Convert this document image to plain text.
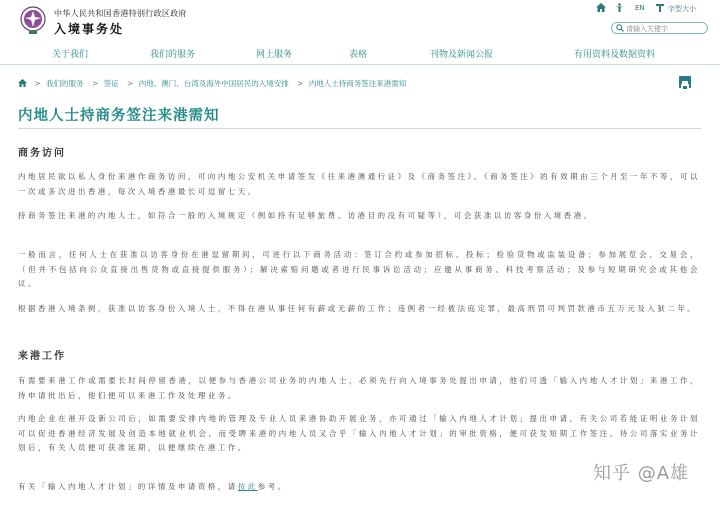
中华人民共和国香港特别行政区政府
入境事务处
EN	字型大小
请输入关键字
关于我们	我们的服务	网上服务	表格	刊物及新闻公报	有用资料及数据资料
> 我们的服务 > 签证 > 内地、澳门、台湾及海外中国居民的入境安排 > 内地人士持商务签注来港需知
内地人士持商务签注来港需知
商务访问

内地居民欲以私人身份来港作商务访问，可向内地公安机关申请签发《往来港澳通行证》及《商务签注》。《商务签注》的有效期由三个月至一年不等，可以一次或多次进出香港，每次入境香港最长可逗留七天。

持商务签注来港的内地人士，如符合一般的入境规定（例如持有足够旅费、访港目的没有可疑等），可会获准以访客身份入境香港。

一般而言，任何人士在获准以访客身份在港逗留期间，可进行以下商务活动：签订合约或参加招标、投标；检验货物或监装设备；参加展览会、交易会，（但并不包括向公众直接出售货物或直接提供服务）；解决索赔问题或者进行民事诉讼活动；应邀从事商务、科技考察活动；及参与短期研究会或其他会议。

根据香港入境条例，获准以访客身份入境人士，不得在港从事任何有薪或无薪的工作；违例者一经被法庭定罪，最高刑罚可判罚款港币五万元及入狱二年。

来港工作

有需要来港工作或需要长时间停留香港，以便参与香港公司业务的内地人士，必须先行向入境事务处提出申请，他们可透「输入内地人才计划」来港工作，待申请批出后，他们便可以来港工作及处理业务。

内地企业在港开设新公司后，如需要安排内地的管理及专业人员来港协助开展业务，亦可通过「输入内地人才计划」提出申请，有关公司若能证明业务计划可以促进香港经济发展及创造本地就业机会，而受聘来港的内地人员又合乎「输入内地人才计划」的审批资格，便可获发短期工作签注。待公司落实业务计划后，有关人员便可获准延期，以便继续在港工作。

有关「输入内地人才计划」的详情及申请资格，请按此参考。

知乎 @A雄
